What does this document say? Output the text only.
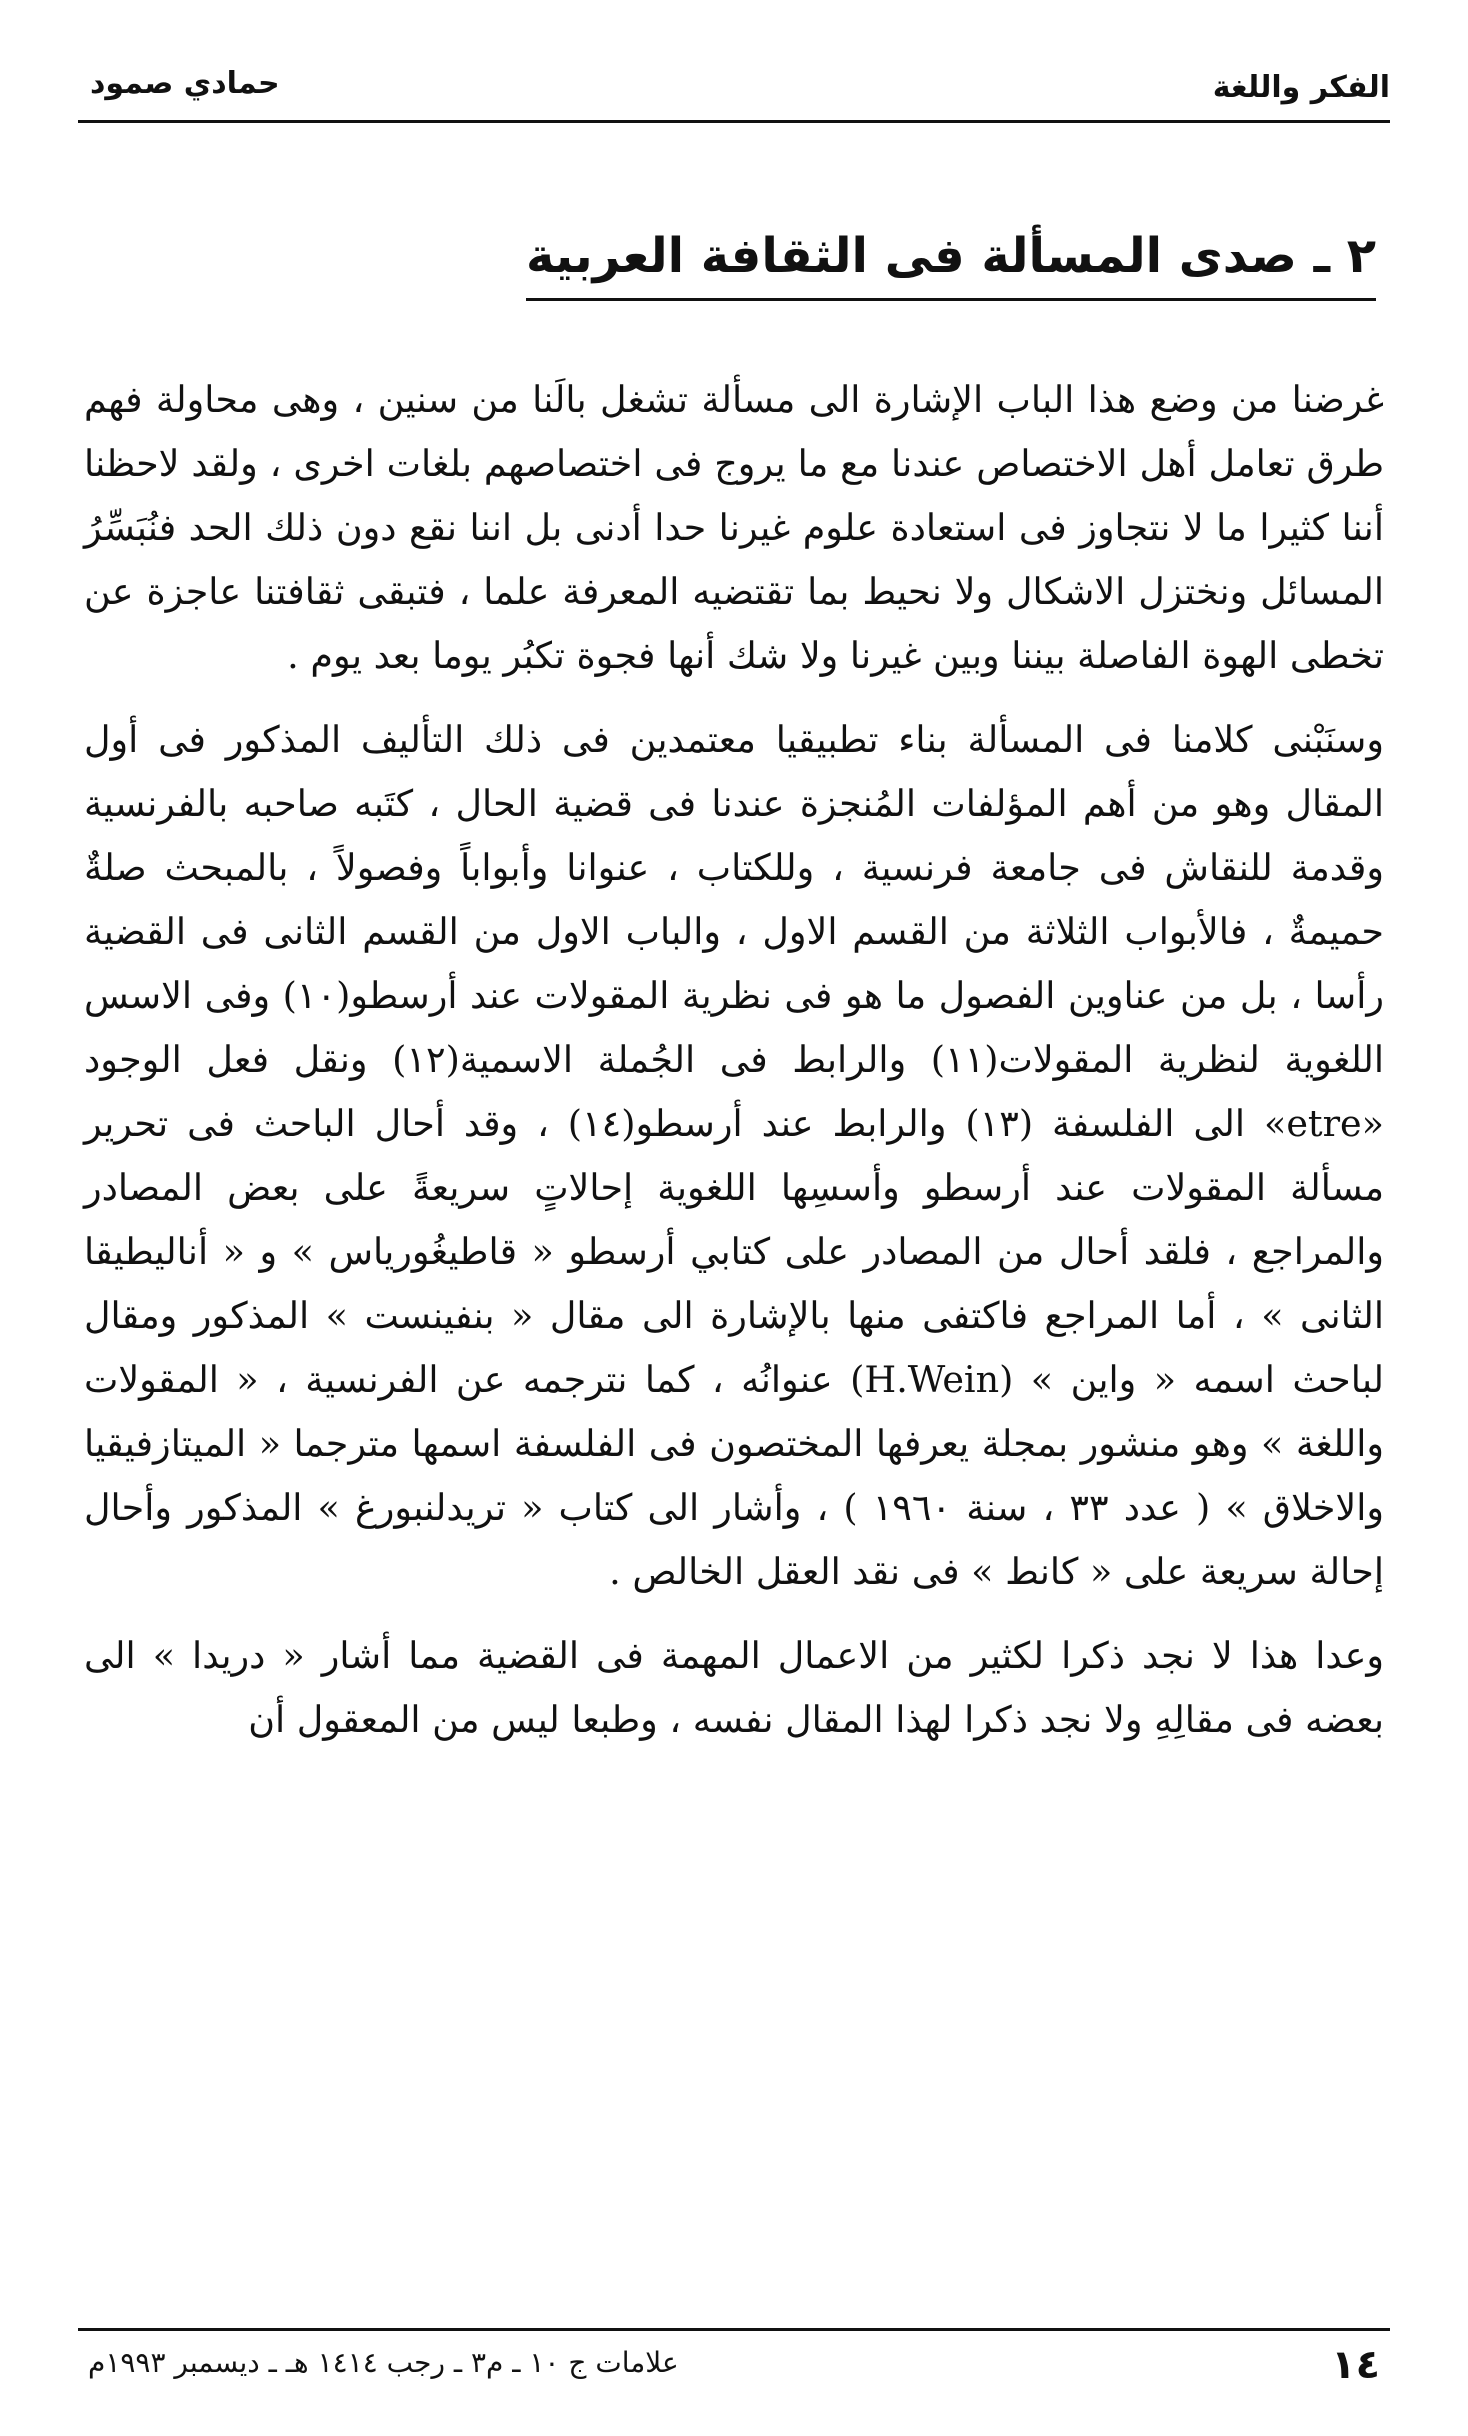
الفكر واللغة
حمادي صمود
٢ ـ صدى المسألة فى الثقافة العربية

غرضنا من وضع هذا الباب الإشارة الى مسألة تشغل بالَنا من سنين ، وهى محاولة فهم طرق تعامل أهل الاختصاص عندنا مع ما يروج فى اختصاصهم بلغات اخرى ، ولقد لاحظنا أننا كثيرا ما لا نتجاوز فى استعادة علوم غيرنا حدا أدنى بل اننا نقع دون ذلك الحد فنُبَسِّرُ المسائل ونختزل الاشكال ولا نحيط بما تقتضيه المعرفة علما ، فتبقى ثقافتنا عاجزة عن تخطى الهوة الفاصلة بيننا وبين غيرنا ولا شك أنها فجوة تكبُر يوما بعد يوم .

وسنَبْنى كلامنا فى المسألة بناء تطبيقيا معتمدين فى ذلك التأليف المذكور فى أول المقال وهو من أهم المؤلفات المُنجزة عندنا فى قضية الحال ، كتَبه صاحبه بالفرنسية وقدمة للنقاش فى جامعة فرنسية ، وللكتاب ، عنوانا وأبواباً وفصولاً ، بالمبحث صلةٌ حميمةٌ ، فالأبواب الثلاثة من القسم الاول ، والباب الاول من القسم الثانى فى القضية رأسا ، بل من عناوين الفصول ما هو فى نظرية المقولات عند أرسطو(١٠) وفى الاسس اللغوية لنظرية المقولات(١١) والرابط فى الجُملة الاسمية(١٢) ونقل فعل الوجود «etre» الى الفلسفة (١٣) والرابط عند أرسطو(١٤) ، وقد أحال الباحث فى تحرير مسألة المقولات عند أرسطو وأسسِها اللغوية إحالاتٍ سريعةً على بعض المصادر والمراجع ، فلقد أحال من المصادر على كتابي أرسطو « قاطيغُورياس » و « أناليطيقا الثانى » ، أما المراجع فاكتفى منها بالإشارة الى مقال « بنفينست » المذكور ومقال لباحث اسمه « واين » (H.Wein) عنوانُه ، كما نترجمه عن الفرنسية ، « المقولات واللغة » وهو منشور بمجلة يعرفها المختصون فى الفلسفة اسمها مترجما « الميتازفيقيا والاخلاق » ( عدد ٣٣ ، سنة ١٩٦٠ ) ، وأشار الى كتاب « تريدلنبورغ » المذكور وأحال إحالة سريعة على « كانط » فى نقد العقل الخالص .

وعدا هذا لا نجد ذكرا لكثير من الاعمال المهمة فى القضية مما أشار « دريدا » الى بعضه فى مقالِهِ ولا نجد ذكرا لهذا المقال نفسه ، وطبعا ليس من المعقول أن

١٤
علامات ج ١٠ ـ م٣ ـ رجب ١٤١٤ هـ ـ ديسمبر ١٩٩٣م
